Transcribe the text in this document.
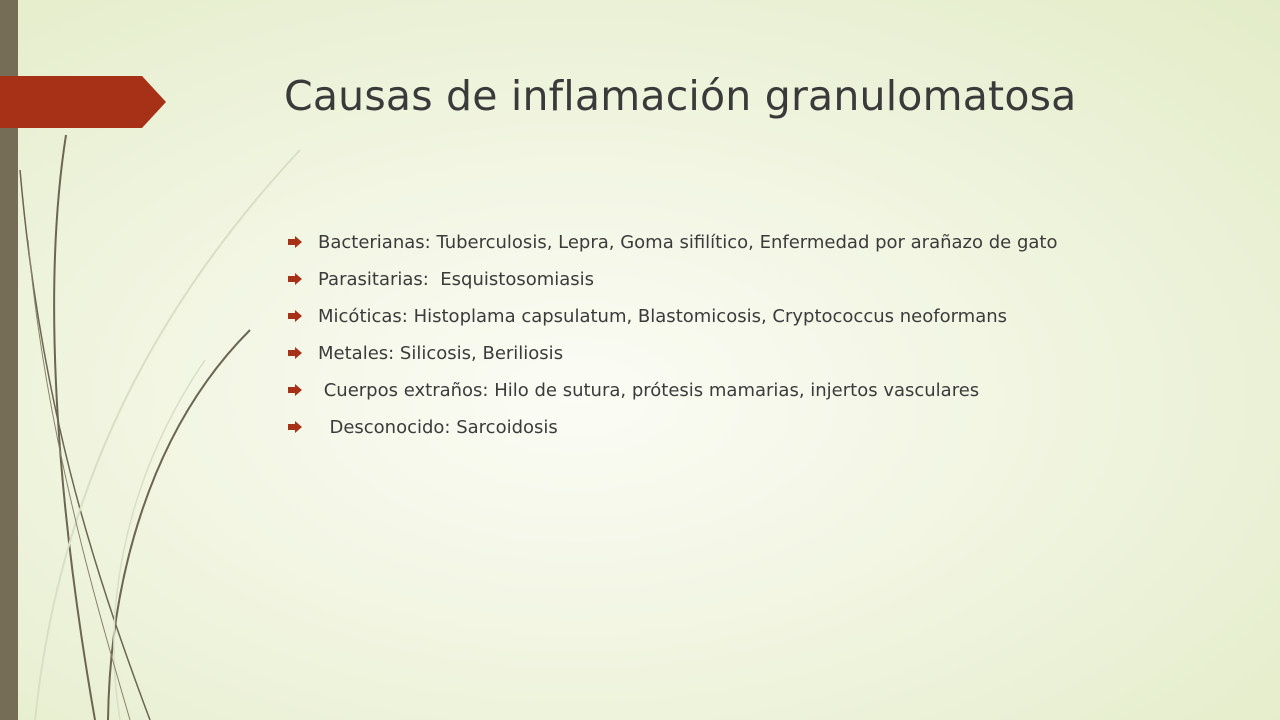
Causas de inflamación granulomatosa
Bacterianas: Tuberculosis, Lepra, Goma sifilítico, Enfermedad por arañazo de gato
Parasitarias:  Esquistosomiasis
Micóticas: Histoplama capsulatum, Blastomicosis, Cryptococcus neoformans
Metales: Silicosis, Beriliosis
Cuerpos extraños: Hilo de sutura, prótesis mamarias, injertos vasculares
Desconocido: Sarcoidosis
